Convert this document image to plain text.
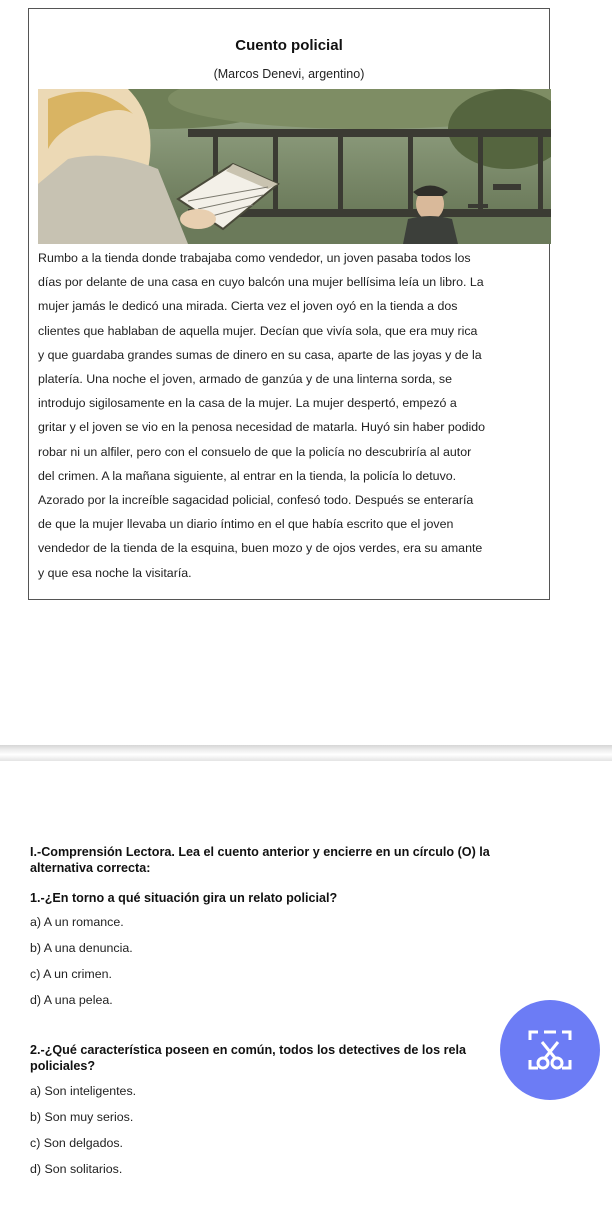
Cuento policial
(Marcos Denevi, argentino)
Rumbo a la tienda donde trabajaba como vendedor, un joven pasaba todos los
días por delante de una casa en cuyo balcón una mujer bellísima leía un libro. La
mujer jamás le dedicó una mirada. Cierta vez el joven oyó en la tienda a dos
clientes que hablaban de aquella mujer. Decían que vivía sola, que era muy rica
y que guardaba grandes sumas de dinero en su casa, aparte de las joyas y de la
platería. Una noche el joven, armado de ganzúa y de una linterna sorda, se
introdujo sigilosamente en la casa de la mujer. La mujer despertó, empezó a
gritar y el joven se vio en la penosa necesidad de matarla. Huyó sin haber podido
robar ni un alfiler, pero con el consuelo de que la policía no descubriría al autor
del crimen. A la mañana siguiente, al entrar en la tienda, la policía lo detuvo.
Azorado por la increíble sagacidad policial, confesó todo. Después se enteraría
de que la mujer llevaba un diario íntimo en el que había escrito que el joven
vendedor de la tienda de la esquina, buen mozo y de ojos verdes, era su amante
y que esa noche la visitaría.
I.-Comprensión Lectora. Lea el cuento anterior y encierre en un círculo (O) la alternativa correcta:
1.-¿En torno a qué situación gira un relato policial?
a) A un romance.
b) A una denuncia.
c) A un crimen.
d) A una pelea.
2.-¿Qué característica poseen en común, todos los detectives de los rela
policiales?
a) Son inteligentes.
b) Son muy serios.
c) Son delgados.
d) Son solitarios.
